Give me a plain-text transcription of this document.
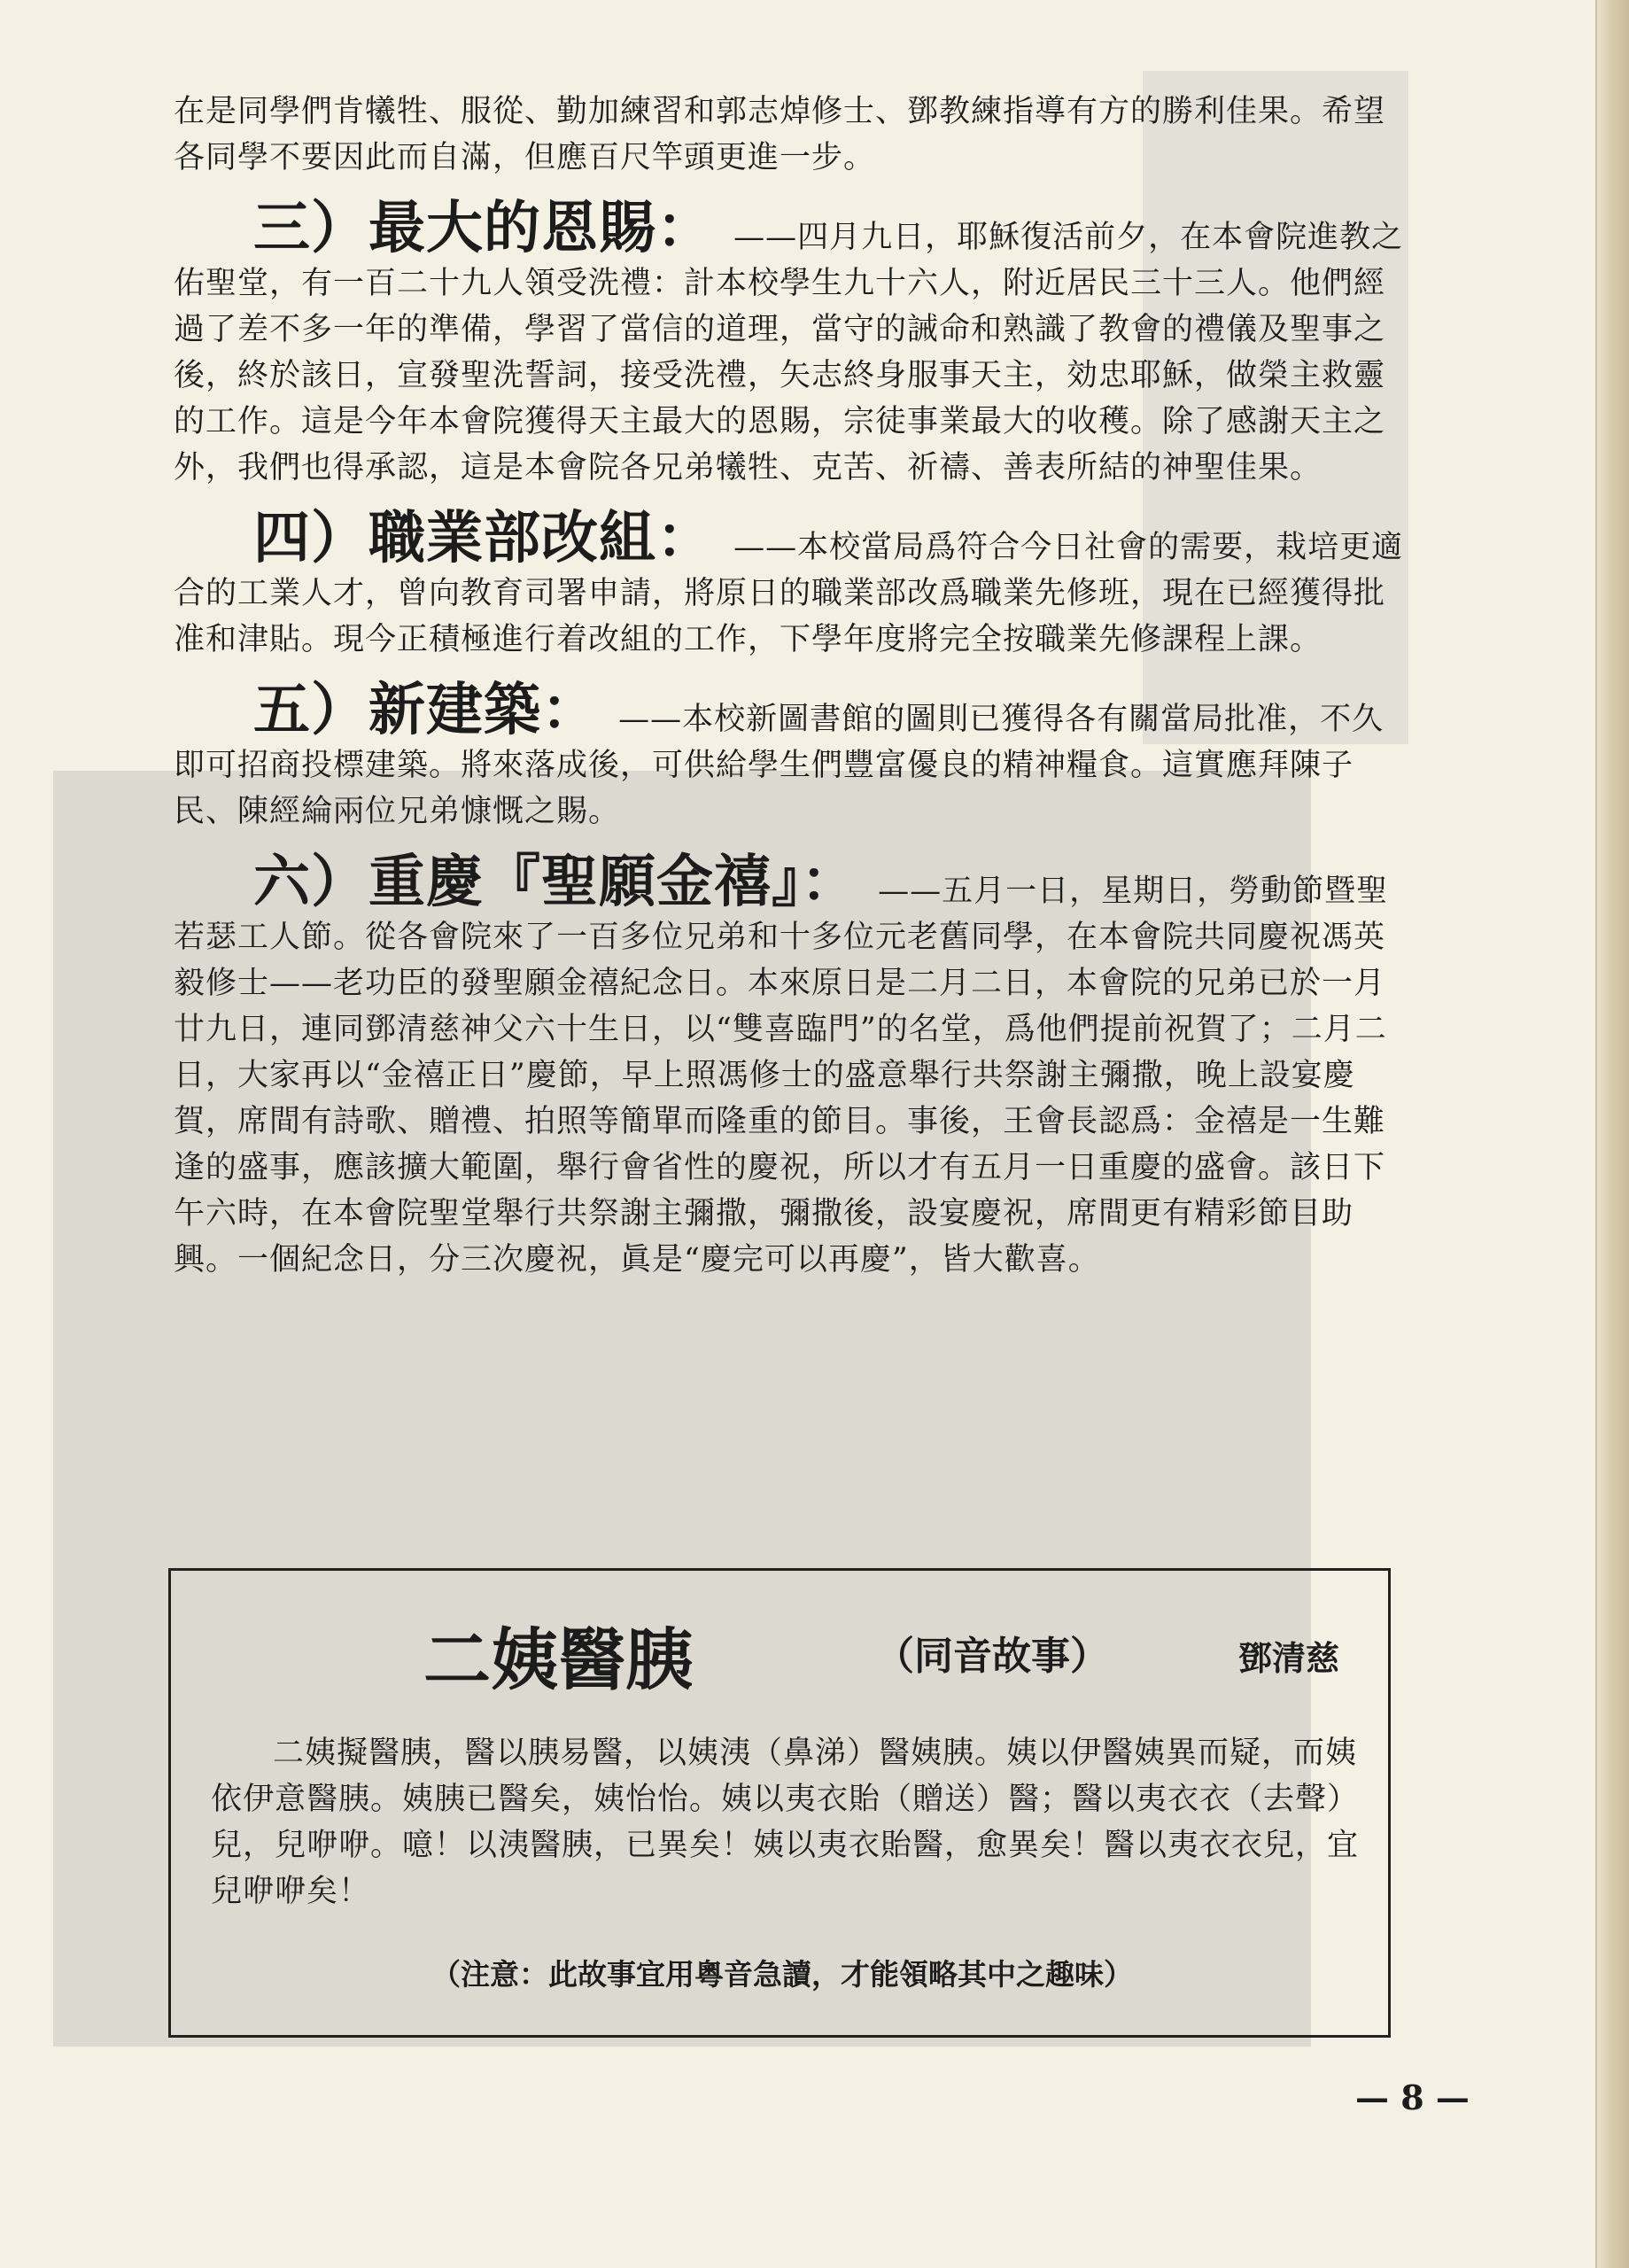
在是同學們肯犧牲、服從、勤加練習和郭志焯修士、鄧教練指導有方的勝利佳果。希望各同學不要因此而自滿，但應百尺竿頭更進一步。

三）最大的恩賜： ——四月九日，耶穌復活前夕，在本會院進教之佑聖堂，有一百二十九人領受洗禮：計本校學生九十六人，附近居民三十三人。他們經過了差不多一年的準備，學習了當信的道理，當守的誡命和熟識了教會的禮儀及聖事之後，終於該日，宣發聖洗誓詞，接受洗禮，矢志終身服事天主，効忠耶穌，做榮主救靈的工作。這是今年本會院獲得天主最大的恩賜，宗徒事業最大的收穫。除了感謝天主之外，我們也得承認，這是本會院各兄弟犧牲、克苦、祈禱、善表所結的神聖佳果。
四）職業部改組： ——本校當局爲符合今日社會的需要，栽培更適合的工業人才，曾向教育司署申請，將原日的職業部改爲職業先修班，現在已經獲得批准和津貼。現今正積極進行着改組的工作，下學年度將完全按職業先修課程上課。
五）新建築： ——本校新圖書館的圖則已獲得各有關當局批准，不久即可招商投標建築。將來落成後，可供給學生們豐富優良的精神糧食。這實應拜陳子民、陳經綸兩位兄弟慷慨之賜。
六）重慶『聖願金禧』： ——五月一日，星期日，勞動節暨聖若瑟工人節。從各會院來了一百多位兄弟和十多位元老舊同學，在本會院共同慶祝馮英毅修士——老功臣的發聖願金禧紀念日。本來原日是二月二日，本會院的兄弟已於一月廿九日，連同鄧清慈神父六十生日，以“雙喜臨門”的名堂，爲他們提前祝賀了；二月二日，大家再以“金禧正日”慶節，早上照馮修士的盛意舉行共祭謝主彌撒，晚上設宴慶賀，席間有詩歌、贈禮、拍照等簡單而隆重的節目。事後，王會長認爲：金禧是一生難逢的盛事，應該擴大範圍，舉行會省性的慶祝，所以才有五月一日重慶的盛會。該日下午六時，在本會院聖堂舉行共祭謝主彌撒，彌撒後，設宴慶祝，席間更有精彩節目助興。一個紀念日，分三次慶祝，眞是“慶完可以再慶”，皆大歡喜。
二姨醫胰	（同音故事）	鄧清慈
二姨擬醫胰，醫以胰易醫，以姨洟（鼻涕）醫姨胰。姨以伊醫姨異而疑，而姨依伊意醫胰。姨胰已醫矣，姨怡怡。姨以夷衣貽（贈送）醫；醫以夷衣衣（去聲）兒，兒咿咿。噫！以洟醫胰，已異矣！姨以夷衣貽醫，愈異矣！醫以夷衣衣兒，宜兒咿咿矣！
（注意：此故事宜用粵音急讀，才能領略其中之趣味）
— 8 —
